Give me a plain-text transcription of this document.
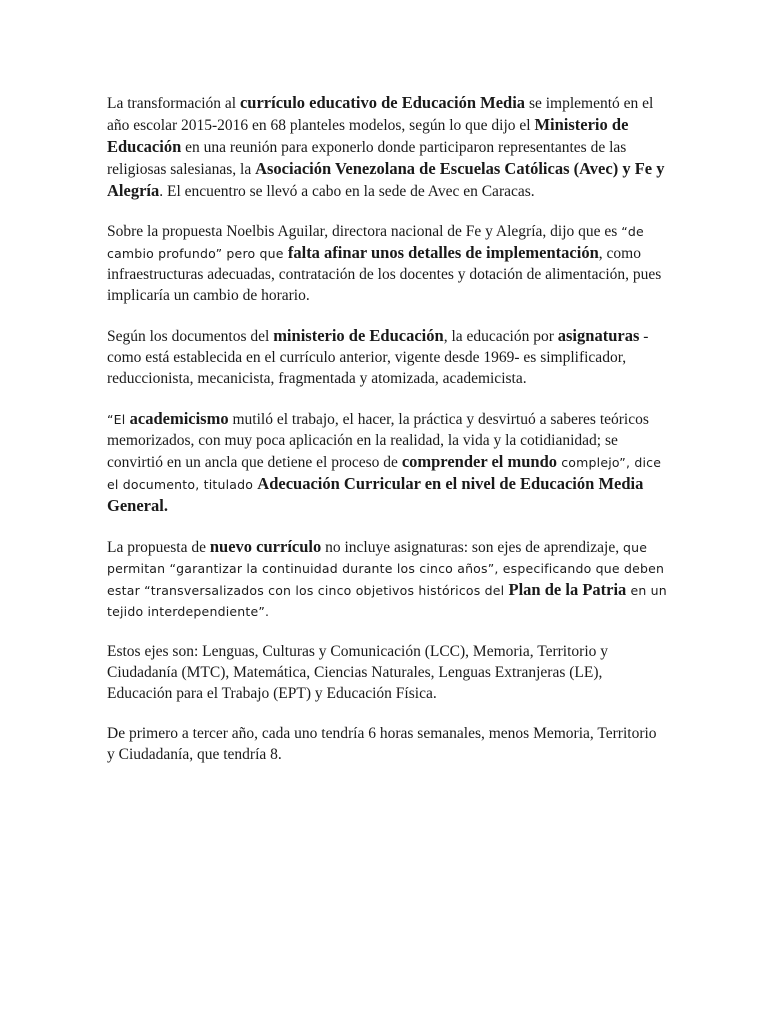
La transformación al currículo educativo de Educación Media se implementó en el año escolar 2015-2016 en 68 planteles modelos, según lo que dijo el Ministerio de Educación en una reunión para exponerlo donde participaron representantes de las religiosas salesianas, la Asociación Venezolana de Escuelas Católicas (Avec) y Fe y Alegría. El encuentro se llevó a cabo en la sede de Avec en Caracas.

Sobre la propuesta Noelbis Aguilar, directora nacional de Fe y Alegría, dijo que es “de cambio profundo” pero que falta afinar unos detalles de implementación, como infraestructuras adecuadas, contratación de los docentes y dotación de alimentación, pues implicaría un cambio de horario.

Según los documentos del ministerio de Educación, la educación por asignaturas - como está establecida en el currículo anterior, vigente desde 1969- es simplificador, reduccionista, mecanicista, fragmentada y atomizada, academicista.

“El academicismo mutiló el trabajo, el hacer, la práctica y desvirtuó a saberes teóricos memorizados, con muy poca aplicación en la realidad, la vida y la cotidianidad; se convirtió en un ancla que detiene el proceso de comprender el mundo complejo”, dice el documento, titulado Adecuación Curricular en el nivel de Educación Media General.

La propuesta de nuevo currículo no incluye asignaturas: son ejes de aprendizaje, que permitan “garantizar la continuidad durante los cinco años”, especificando que deben estar “transversalizados con los cinco objetivos históricos del Plan de la Patria en un tejido interdependiente”.

Estos ejes son: Lenguas, Culturas y Comunicación (LCC), Memoria, Territorio y Ciudadanía (MTC), Matemática, Ciencias Naturales, Lenguas Extranjeras (LE), Educación para el Trabajo (EPT) y Educación Física.

De primero a tercer año, cada uno tendría 6 horas semanales, menos Memoria, Territorio y Ciudadanía, que tendría 8.
